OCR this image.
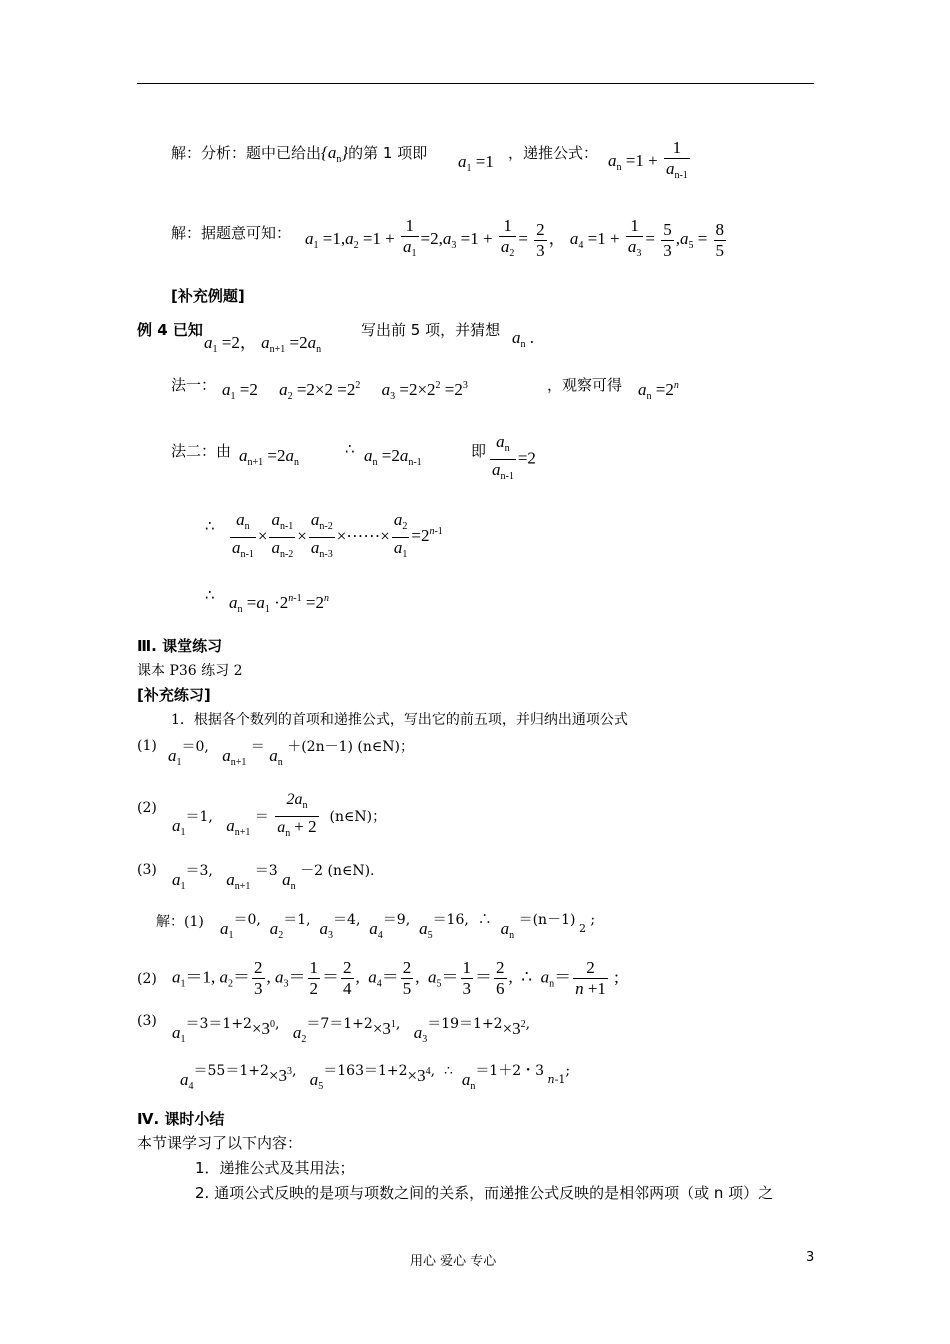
解：分析：题中已给出$\{a_n\}$的第 1 项即 $a_1 =1$ ，递推公式： $a_n =1 + \frac{1}{a_{n-1}}$
解：据题意可知： $a_1 =1,a_2 =1 + \frac{1}{a_1} =2,a_3 =1 + \frac{1}{a_2} = \frac{2}{3}$ ， $a_4 =1 + \frac{1}{a_3} = \frac{5}{3} ,a_5 = \frac{8}{5}$
[补充例题]
例 4 已知
$a_1 =2$， $a_{n+1} =2a_n$
写出前 5 项，并猜想 $a_n$ .
法一： $a_1 =2$     $a_2 =2\times 2 =2^2$     $a_3 =2\times 2^2 =2^3$	，观察可得 $a_n =2^n$
法二：由 $a_{n+1} =2a_n$
∴ $a_n =2a_{n-1}$
即 $\frac{a_n}{a_{n-1}} =2$
∴ $\frac{a_n}{a_{n-1}} \times \frac{a_{n-1}}{a_{n-2}} \times \frac{a_{n-2}}{a_{n-3}}$ ×······× $\frac{a_2}{a_1} =2^{n-1}$
∴ $a_n =a_1 \cdot 2^{n-1} =2^n$
Ⅲ. 课堂练习
课本 P36 练习 2
[补充练习]
1．根据各个数列的首项和递推公式，写出它的前五项，并归纳出通项公式
(1) $a_1=0$,   $a_{n+1} = a_n +(2n-1)$ (n∈N)；
(2)
$a_1=1$,   $a_{n+1} = \frac{2a_n}{a_n + 2}$ (n∈N)；
(3) $a_1=3$,   $a_{n+1} =3$ $a_n -2$ (n∈N).
解：(1) $a_1=0$,  $a_2=1$,  $a_3=4$,  $a_4=9$,  $a_5=16$,  ∴  $a_n =(n-1)$ $_2$ ;
(2) $a_1=1$, $a_2= \frac{2}{3}$ , $a_3= \frac{1}{2} = \frac{2}{4}$ ,  $a_4= \frac{2}{5}$ ,  $a_5= \frac{1}{3} = \frac{2}{6}$ ,  ∴  $a_n= \frac{2}{n +1}$ ;
(3)
$a_1=3=1+2\times 3^0$,   $a_2=7=1+2\times 3^1$,   $a_3=19=1+2\times 3^2$,
$a_4=55=1+2\times 3^3$,   $a_5=163=1+2\times 3^4$,  ∴  $a_n=1+2$・3 $_{n-1}$;
Ⅳ. 课时小结
本节课学习了以下内容：
1．递推公式及其用法；
2. 通项公式反映的是项与项数之间的关系，而递推公式反映的是相邻两项（或 n 项）之
用心 爱心 专心	3
